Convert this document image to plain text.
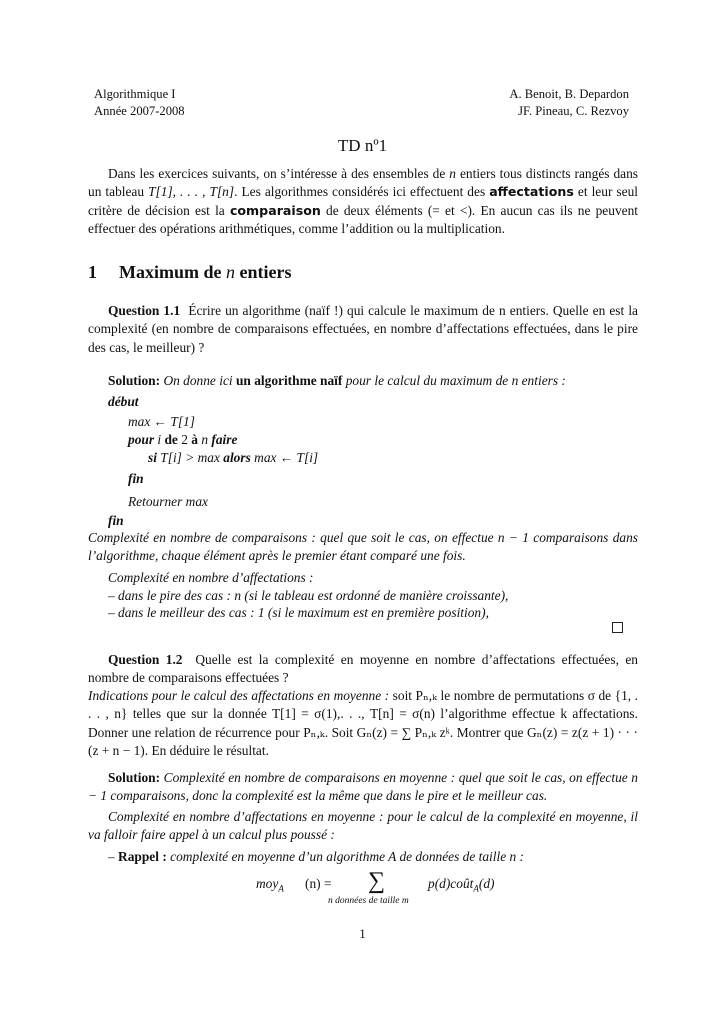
Algorithmique I
Année 2007-2008
A. Benoit, B. Depardon
JF. Pineau, C. Rezvoy
TD nº1
Dans les exercices suivants, on s’intéresse à des ensembles de n entiers tous distincts rangés dans un tableau T[1], . . . , T[n]. Les algorithmes considérés ici effectuent des affectations et leur seul critère de décision est la comparaison de deux éléments (= et <). En aucun cas ils ne peuvent effectuer des opérations arithmétiques, comme l’addition ou la multiplication.
1 Maximum de n entiers
Question 1.1 Écrire un algorithme (naïf !) qui calcule le maximum de n entiers. Quelle en est la complexité (en nombre de comparaisons effectuées, en nombre d’affectations effectuées, dans le pire des cas, le meilleur) ?
Solution: On donne ici un algorithme naïf pour le calcul du maximum de n entiers :
début
max ← T[1]
pour i de 2 à n faire
si T[i] > max alors max ← T[i]
fin
Retourner max
fin
Complexité en nombre de comparaisons : quel que soit le cas, on effectue n − 1 comparaisons dans l’algorithme, chaque élément après le premier étant comparé une fois.
Complexité en nombre d’affectations :
– dans le pire des cas : n (si le tableau est ordonné de manière croissante),
– dans le meilleur des cas : 1 (si le maximum est en première position),
Question 1.2 Quelle est la complexité en moyenne en nombre d’affectations effectuées, en nombre de comparaisons effectuées ?
Indications pour le calcul des affectations en moyenne : soit Pₙ,ₖ le nombre de permutations σ de {1, . . . , n} telles que sur la donnée T[1] = σ(1),. . ., T[n] = σ(n) l’algorithme effectue k affectations. Donner une relation de récurrence pour Pₙ,ₖ. Soit Gₙ(z) = ∑ Pₙ,ₖ zᵏ. Montrer que Gₙ(z) = z(z + 1) · · · (z + n − 1). En déduire le résultat.
Solution: Complexité en nombre de comparaisons en moyenne : quel que soit le cas, on effectue n − 1 comparaisons, donc la complexité est la même que dans le pire et le meilleur cas.
Complexité en nombre d’affectations en moyenne : pour le calcul de la complexité en moyenne, il va falloir faire appel à un calcul plus poussé :
– Rappel : complexité en moyenne d’un algorithme A de données de taille n :
moy$_A$ (n) = ∑
n données de taille m
p(d)coût$_A$(d)
1
